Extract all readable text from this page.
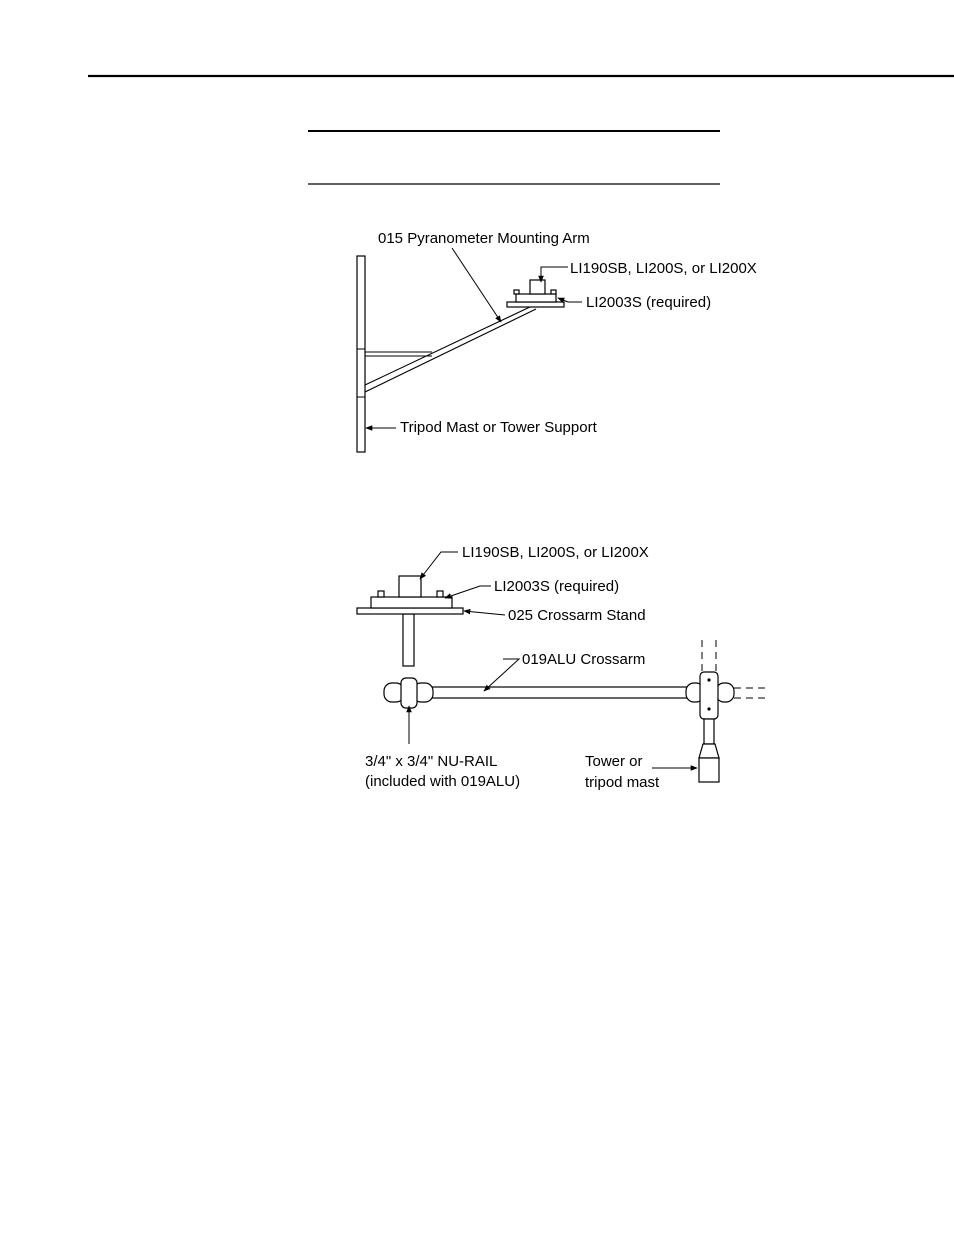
015 Pyranometer Mounting Arm
LI190SB, LI200S, or LI200X
LI2003S (required)
Tripod Mast or Tower Support
LI190SB, LI200S, or LI200X
LI2003S (required)
025 Crossarm Stand
019ALU Crossarm
3/4" x 3/4" NU-RAIL
(included with 019ALU)
Tower or
tripod mast
